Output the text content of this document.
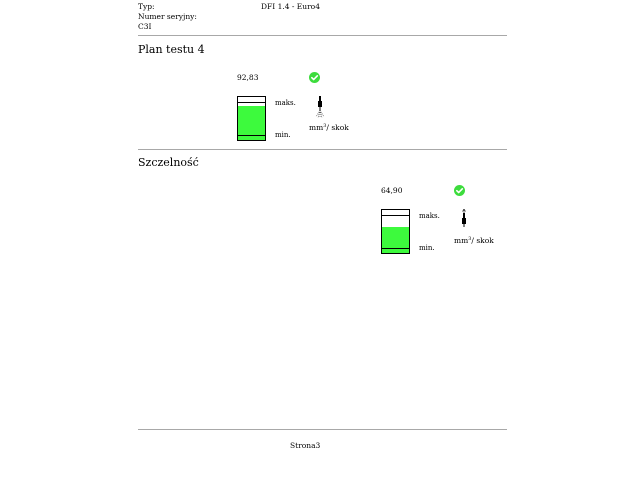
Typ:	DFI 1.4 - Euro4
Numer seryjny:
C3I
Plan testu 4
92,83
maks.
min.
$mm^3/$ skok
Szczelność
64,90
maks.
min.
$mm^3/$ skok
Strona3
